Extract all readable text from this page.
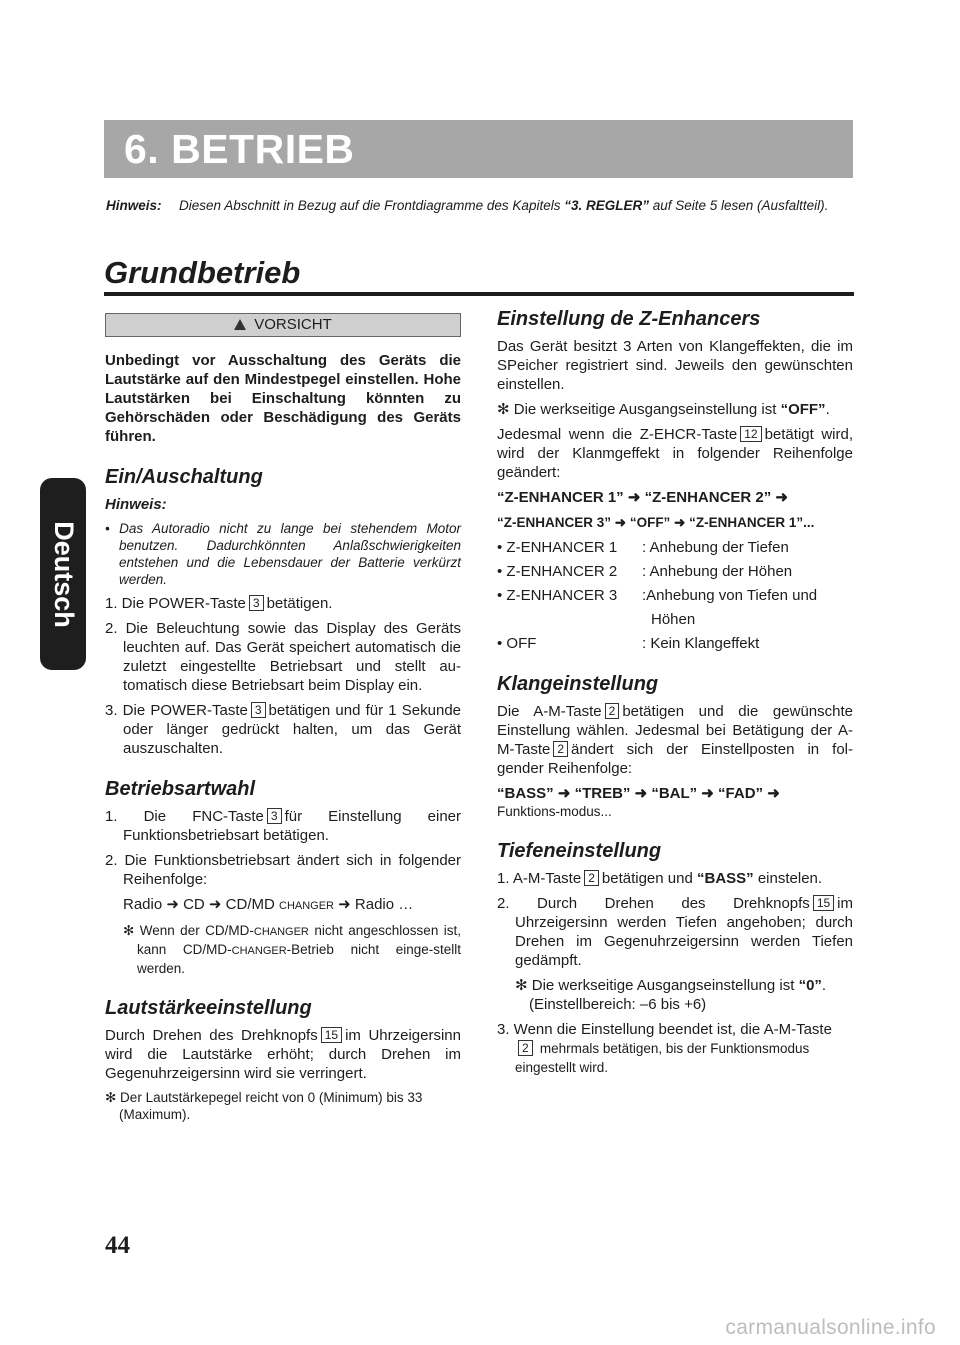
Deutsch
6. BETRIEB
Hinweis: Diesen Abschnitt in Bezug auf die Frontdiagramme des Kapitels “3. REGLER” auf Seite 5 lesen (Ausfaltteil).
Grundbetrieb
VORSICHT

Unbedingt vor Ausschaltung des Geräts die Lautstärke auf den Mindestpegel einstellen. Hohe Lautstärken bei Einschaltung könnten zu Gehörschäden oder Beschädigung des Geräts führen.

Ein/Auschaltung

Hinweis:

• Das Autoradio nicht zu lange bei stehendem Motor benutzen. Dadurchkönnten Anlaßschwierigkeiten entstehen und die Lebensdauer der Batterie verkürzt werden.

1. Die POWER-Taste 3 betätigen.

2. Die Beleuchtung sowie das Display des Geräts leuchten auf. Das Gerät speichert automatisch die zuletzt eingestellte Betriebsart und stellt au-tomatisch diese Betriebsart beim Display ein.

3. Die POWER-Taste 3 betätigen und für 1 Sekunde oder länger gedrückt halten, um das Gerät auszuschalten.

Betriebsartwahl

1. Die FNC-Taste 3 für Einstellung einer Funktionsbetriebsart betätigen.

2. Die Funktionsbetriebsart ändert sich in folgender Reihenfolge:

Radio ➜ CD ➜ CD/MD CHANGER ➜ Radio …

✻ Wenn der CD/MD-CHANGER nicht angeschlossen ist, kann CD/MD-CHANGER-Betrieb nicht einge-stellt werden.

Lautstärkeeinstellung

Durch Drehen des Drehknopfs 15 im Uhrzeigersinn wird die Lautstärke erhöht; durch Drehen im Gegenuhrzeigersinn wird sie verringert.

✻ Der Lautstärkepegel reicht von 0 (Minimum) bis 33 (Maximum).

Einstellung de Z-Enhancers

Das Gerät besitzt 3 Arten von Klangeffekten, die im SPeicher registriert sind. Jeweils den gewünschten einstellen.

✻ Die werkseitige Ausgangseinstellung ist “OFF”.

Jedesmal wenn die Z-EHCR-Taste 12 betätigt wird, wird der Klanmgeffekt in folgender Reihenfolge geändert:

“Z-ENHANCER 1” ➜ “Z-ENHANCER 2” ➜

“Z-ENHANCER 3” ➜ “OFF” ➜ “Z-ENHANCER 1”...

• Z-ENHANCER 1	: Anhebung der Tiefen
• Z-ENHANCER 2	: Anhebung der Höhen
• Z-ENHANCER 3	:Anhebung von Tiefen und
Höhen
• OFF	: Kein Klangeffekt
Klangeinstellung

Die A-M-Taste 2 betätigen und die gewünschte Einstellung wählen. Jedesmal bei Betätigung der A-M-Taste 2 ändert sich der Einstellposten in fol-gender Reihenfolge:

“BASS” ➜ “TREB” ➜ “BAL” ➜ “FAD” ➜

Funktions-modus...

Tiefeneinstellung

1. A-M-Taste 2 betätigen und “BASS” einstelen.

2. Durch Drehen des Drehknopfs 15 im Uhrzeigersinn werden Tiefen angehoben; durch Drehen im Gegenuhrzeigersinn werden Tiefen gedämpft.

✻ Die werkseitige Ausgangseinstellung ist “0”.

(Einstellbereich: –6 bis +6)

3. Wenn die Einstellung beendet ist, die A-M-Taste
2 mehrmals betätigen, bis der Funktionsmodus eingestellt wird.

44
carmanualsonline.info
